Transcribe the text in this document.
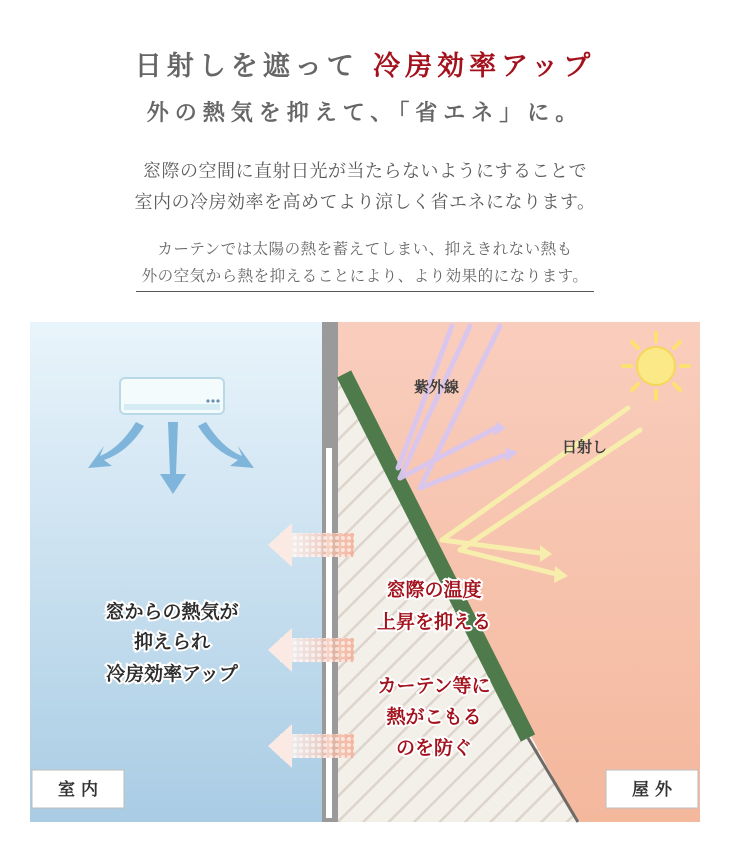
日射しを遮って 冷房効率アップ
外の熱気を抑えて、「省エネ」に。
窓際の空間に直射日光が当たらないようにすることで
室内の冷房効率を高めてより涼しく省エネになります。
カーテンでは太陽の熱を蓄えてしまい、抑えきれない熱も
外の空気から熱を抑えることにより、より効果的になります。
紫外線
日射し
窓からの熱気が
抑えられ
冷房効率アップ
窓際の温度
上昇を抑える
カーテン等に
熱がこもる
のを防ぐ
室 内	屋 外
